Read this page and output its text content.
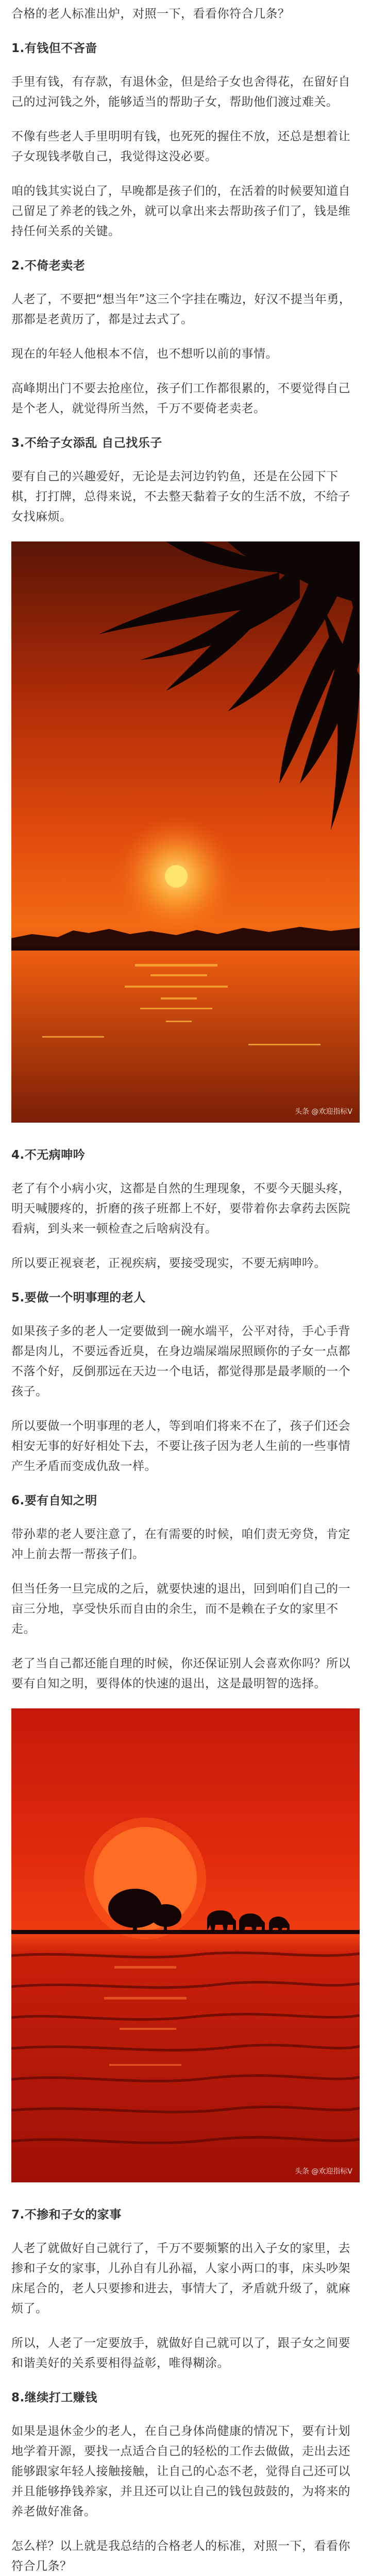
合格的老人标准出炉，对照一下，看看你符合几条？

1.有钱但不吝啬

手里有钱，有存款，有退休金，但是给子女也舍得花，在留好自己的过河钱之外，能够适当的帮助子女，帮助他们渡过难关。

不像有些老人手里明明有钱，也死死的握住不放，还总是想着让子女现钱孝敬自己，我觉得这没必要。

咱的钱其实说白了，早晚都是孩子们的，在活着的时候要知道自己留足了养老的钱之外，就可以拿出来去帮助孩子们了，钱是维持任何关系的关键。

2.不倚老卖老

人老了，不要把“想当年”这三个字挂在嘴边，好汉不提当年勇，那都是老黄历了，都是过去式了。

现在的年轻人他根本不信，也不想听以前的事情。

高峰期出门不要去抢座位，孩子们工作都很累的，不要觉得自己是个老人，就觉得所当然，千万不要倚老卖老。

3.不给子女添乱 自己找乐子

要有自己的兴趣爱好，无论是去河边钓钓鱼，还是在公园下下棋，打打牌，总得来说，不去整天黏着子女的生活不放，不给子女找麻烦。

头条 @欢迎指标V
4.不无病呻吟

老了有个小病小灾，这都是自然的生理现象，不要今天腿头疼，明天喊腰疼的，折磨的孩子班都上不好，要带着你去拿药去医院看病，到头来一顿检查之后啥病没有。

所以要正视衰老，正视疾病，要接受现实，不要无病呻吟。

5.要做一个明事理的老人

如果孩子多的老人一定要做到一碗水端平，公平对待，手心手背都是肉儿，不要远香近臭，在身边端屎端尿照顾你的子女一点都不落个好，反倒那远在天边一个电话，都觉得那是最孝顺的一个孩子。

所以要做一个明事理的老人，等到咱们将来不在了，孩子们还会相安无事的好好相处下去，不要让孩子因为老人生前的一些事情产生矛盾而变成仇敌一样。

6.要有自知之明

带孙辈的老人要注意了，在有需要的时候，咱们责无旁贷，肯定冲上前去帮一帮孩子们。

但当任务一旦完成的之后，就要快速的退出，回到咱们自己的一亩三分地，享受快乐而自由的余生，而不是赖在子女的家里不走。

老了当自己都还能自理的时候，你还保证别人会喜欢你吗？所以要有自知之明，要得体的快速的退出，这是最明智的选择。

头条 @欢迎指标V
7.不掺和子女的家事

人老了就做好自己就行了，千万不要频繁的出入子女的家里，去掺和子女的家事，儿孙自有儿孙福，人家小两口的事，床头吵架床尾合的，老人只要掺和进去，事情大了，矛盾就升级了，就麻烦了。

所以，人老了一定要放手，就做好自己就可以了，跟子女之间要和谐美好的关系要相得益彰，唯得糊涂。

8.继续打工赚钱

如果是退休金少的老人，在自己身体尚健康的情况下，要有计划地学着开源，要找一点适合自己的轻松的工作去做做，走出去还能够跟家年轻人接触接触，让自己的心态不老，觉得自己还可以并且能够挣钱养家，并且还可以让自己的钱包鼓鼓的，为将来的养老做好准备。

怎么样？以上就是我总结的合格老人的标准，对照一下，看看你符合几条？
